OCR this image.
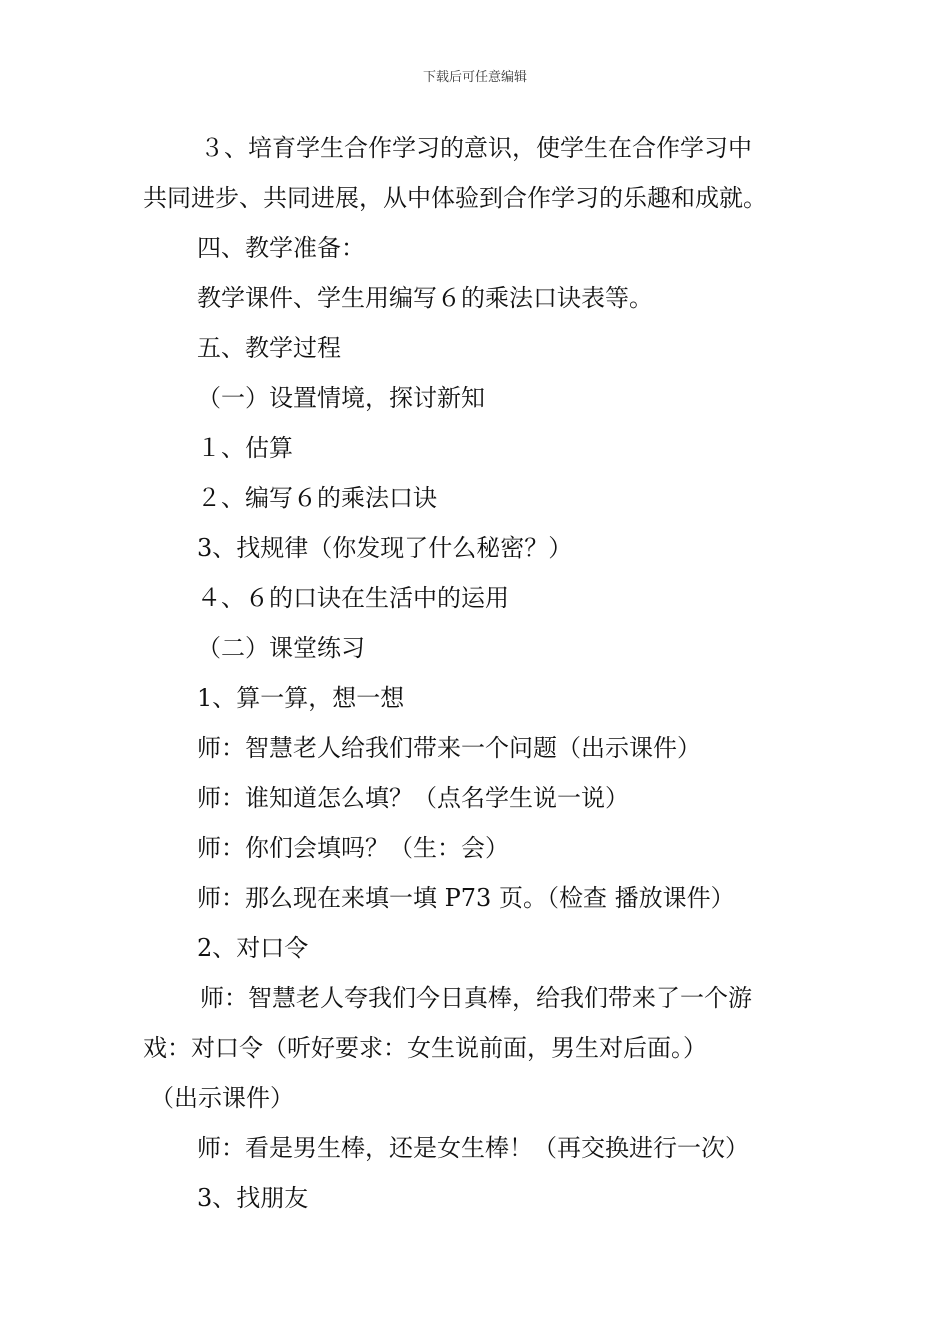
下载后可任意编辑
３、培育学生合作学习的意识，使学生在合作学习中
共同进步、共同进展，从中体验到合作学习的乐趣和成就。
四、教学准备：
教学课件、学生用编写６的乘法口诀表等。
五、教学过程
（一）设置情境，探讨新知
１、估算
２、编写６的乘法口诀
3、找规律（你发现了什么秘密？）
４、６的口诀在生活中的运用
（二）课堂练习
1、算一算，想一想
师：智慧老人给我们带来一个问题（出示课件）
师：谁知道怎么填？（点名学生说一说）
师：你们会填吗？（生：会）
师：那么现在来填一填 P73 页。（检查 播放课件）
2、对口令
师：智慧老人夸我们今日真棒，给我们带来了一个游
戏：对口令（听好要求：女生说前面，男生对后面。）
（出示课件）
师：看是男生棒，还是女生棒！（再交换进行一次）
3、找朋友
